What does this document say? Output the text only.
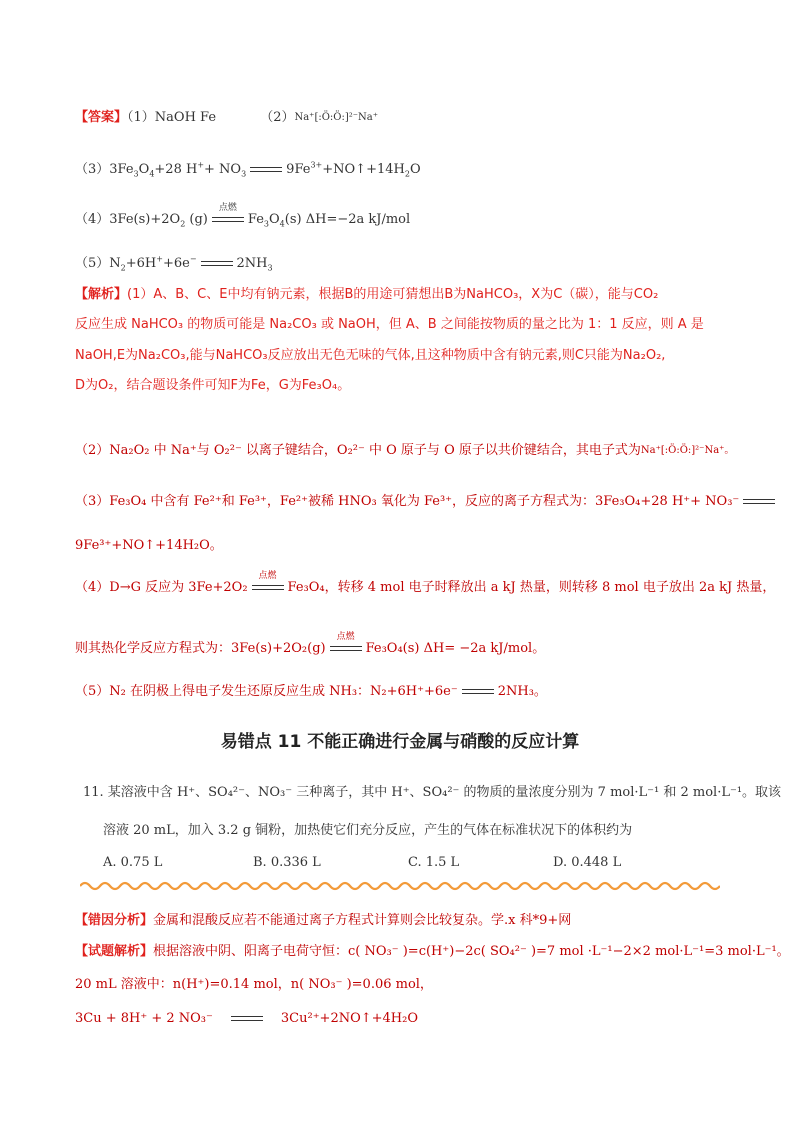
【答案】（1）NaOH Fe	（2）Na⁺[:Ö:Ö:]²⁻Na⁺
$(3)3Fe_3O_4+28$ $H^++ NO_3$	$9Fe^{3+}+NO↑+14H_2O$
$(4)3Fe(s)+2O_2$ (g)
点燃
$Fe_3O_4(s)$ ΔH=−2a kJ/mol
$(5)N_2+6H^++6e^-$	$2NH_3$
【解析】(1）A、B、C、E中均有钠元素，根据B的用途可猜想出B为NaHCO₃，X为C（碳），能与CO₂
反应生成 NaHCO₃ 的物质可能是 Na₂CO₃ 或 NaOH，但 A、B 之间能按物质的量之比为 1：1 反应，则 A 是
NaOH,E为Na₂CO₃,能与NaHCO₃反应放出无色无味的气体,且这种物质中含有钠元素,则C只能为Na₂O₂,
D为O₂，结合题设条件可知F为Fe，G为Fe₃O₄。
（2）Na₂O₂ 中 Na⁺与 O₂²⁻ 以离子键结合，O₂²⁻ 中 O 原子与 O 原子以共价键结合，其电子式为Na⁺[:Ö:Ö:]²⁻Na⁺。
（3）Fe₃O₄ 中含有 Fe²⁺和 Fe³⁺，Fe²⁺被稀 HNO₃ 氧化为 Fe³⁺，反应的离子方程式为：3Fe₃O₄+28 H⁺+ NO₃⁻
9Fe³⁺+NO↑+14H₂O。
（4）D→G 反应为 3Fe+2O₂
点燃
Fe₃O₄，转移 4 mol 电子时释放出 a kJ 热量，则转移 8 mol 电子放出 2a kJ 热量，
则其热化学反应方程式为：3Fe(s)+2O₂(g)
点燃
Fe₃O₄(s) ΔH= −2a kJ/mol。
（5）N₂ 在阴极上得电子发生还原反应生成 NH₃：N₂+6H⁺+6e⁻	2NH₃。
易错点 11 不能正确进行金属与硝酸的反应计算
11. 某溶液中含 H⁺、SO₄²⁻、NO₃⁻ 三种离子，其中 H⁺、SO₄²⁻ 的物质的量浓度分别为 7 mol·L⁻¹ 和 2 mol·L⁻¹。取该
溶液 20 mL，加入 3.2 g 铜粉，加热使它们充分反应，产生的气体在标准状况下的体积约为
A. 0.75 L	B. 0.336 L	C. 1.5 L	D. 0.448 L
【错因分析】金属和混酸反应若不能通过离子方程式计算则会比较复杂。学.x 科*9+网
【试题解析】根据溶液中阴、阳离子电荷守恒：c( NO₃⁻ )=c(H⁺)−2c( SO₄²⁻ )=7 mol ·L⁻¹−2×2 mol·L⁻¹=3 mol·L⁻¹。
20 mL 溶液中：n(H⁺)=0.14 mol，n( NO₃⁻ )=0.06 mol，
3Cu + 8H⁺ + 2 NO₃⁻	3Cu²⁺+2NO↑+4H₂O
